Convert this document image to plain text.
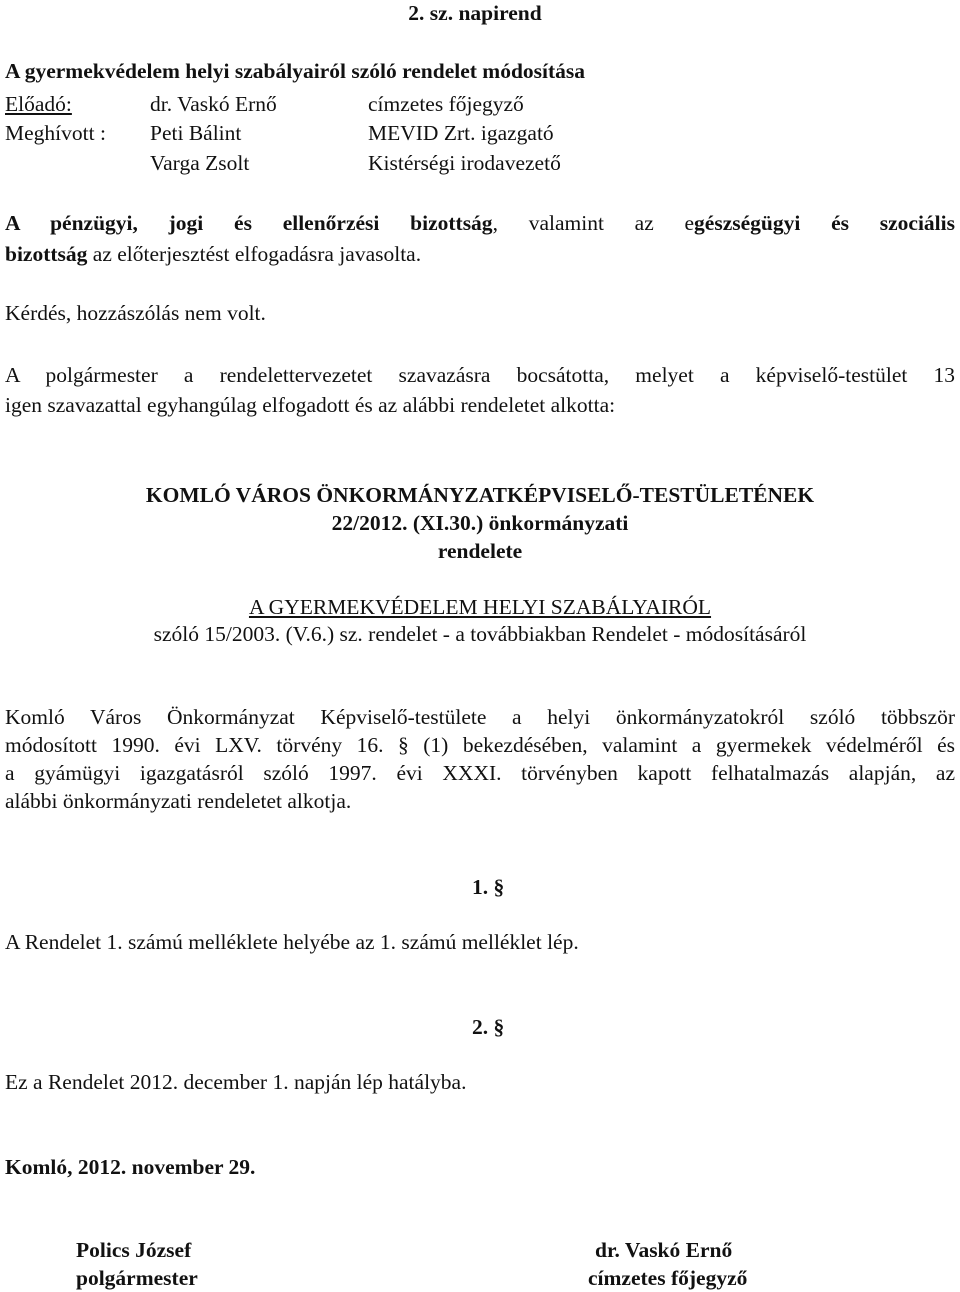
2. sz. napirend
A gyermekvédelem helyi szabályairól szóló rendelet módosítása
Előadó:	dr. Vaskó Ernő	címzetes főjegyző
Meghívott : Peti Bálint	MEVID Zrt. igazgató
Varga Zsolt	Kistérségi irodavezető
A pénzügyi, jogi és ellenőrzési bizottság, valamint az egészségügyi és szociális
bizottság az előterjesztést elfogadásra javasolta.
Kérdés, hozzászólás nem volt.
A polgármester a rendelettervezetet szavazásra bocsátotta, melyet a képviselő-testület 13
igen szavazattal egyhangúlag elfogadott és az alábbi rendeletet alkotta:
KOMLÓ VÁROS ÖNKORMÁNYZATKÉPVISELŐ-TESTÜLETÉNEK
22/2012. (XI.30.) önkormányzati
rendelete
A GYERMEKVÉDELEM HELYI SZABÁLYAIRÓL
szóló 15/2003. (V.6.) sz. rendelet - a továbbiakban Rendelet - módosításáról
Komló Város Önkormányzat Képviselő-testülete a helyi önkormányzatokról szóló többször
módosított 1990. évi LXV. törvény 16. § (1) bekezdésében, valamint a gyermekek védelméről és
a gyámügyi igazgatásról szóló 1997. évi XXXI. törvényben kapott felhatalmazás alapján, az
alábbi önkormányzati rendeletet alkotja.
1. §
A Rendelet 1. számú melléklete helyébe az 1. számú melléklet lép.
2. §
Ez a Rendelet 2012. december 1. napján lép hatályba.
Komló, 2012. november 29.
Polics József
polgármester
dr. Vaskó Ernő
címzetes főjegyző
